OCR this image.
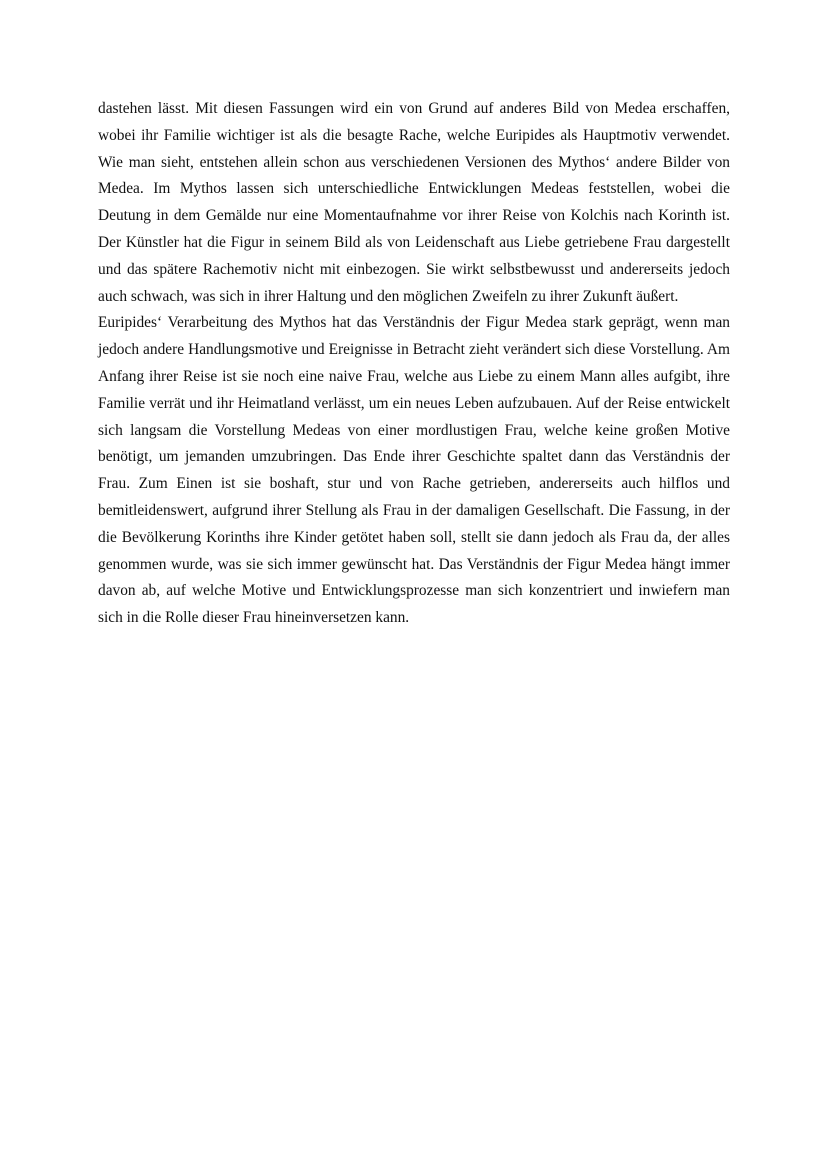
dastehen lässt. Mit diesen Fassungen wird ein von Grund auf anderes Bild von Medea erschaffen, wobei ihr Familie wichtiger ist als die besagte Rache, welche Euripides als Hauptmotiv verwendet. Wie man sieht, entstehen allein schon aus verschiedenen Versionen des Mythos‘ andere Bilder von Medea. Im Mythos lassen sich unterschiedliche Entwicklungen Medeas feststellen, wobei die Deutung in dem Gemälde nur eine Momentaufnahme vor ihrer Reise von Kolchis nach Korinth ist. Der Künstler hat die Figur in seinem Bild als von Leidenschaft aus Liebe getriebene Frau dargestellt und das spätere Rachemotiv nicht mit einbezogen. Sie wirkt selbstbewusst und andererseits jedoch auch schwach, was sich in ihrer Haltung und den möglichen Zweifeln zu ihrer Zukunft äußert.

Euripides‘ Verarbeitung des Mythos hat das Verständnis der Figur Medea stark geprägt, wenn man jedoch andere Handlungsmotive und Ereignisse in Betracht zieht verändert sich diese Vorstellung. Am Anfang ihrer Reise ist sie noch eine naive Frau, welche aus Liebe zu einem Mann alles aufgibt, ihre Familie verrät und ihr Heimatland verlässt, um ein neues Leben aufzubauen. Auf der Reise entwickelt sich langsam die Vorstellung Medeas von einer mordlustigen Frau, welche keine großen Motive benötigt, um jemanden umzubringen. Das Ende ihrer Geschichte spaltet dann das Verständnis der Frau. Zum Einen ist sie boshaft, stur und von Rache getrieben, andererseits auch hilflos und bemitleidenswert, aufgrund ihrer Stellung als Frau in der damaligen Gesellschaft. Die Fassung, in der die Bevölkerung Korinths ihre Kinder getötet haben soll, stellt sie dann jedoch als Frau da, der alles genommen wurde, was sie sich immer gewünscht hat. Das Verständnis der Figur Medea hängt immer davon ab, auf welche Motive und Entwicklungsprozesse man sich konzentriert und inwiefern man sich in die Rolle dieser Frau hineinversetzen kann.
